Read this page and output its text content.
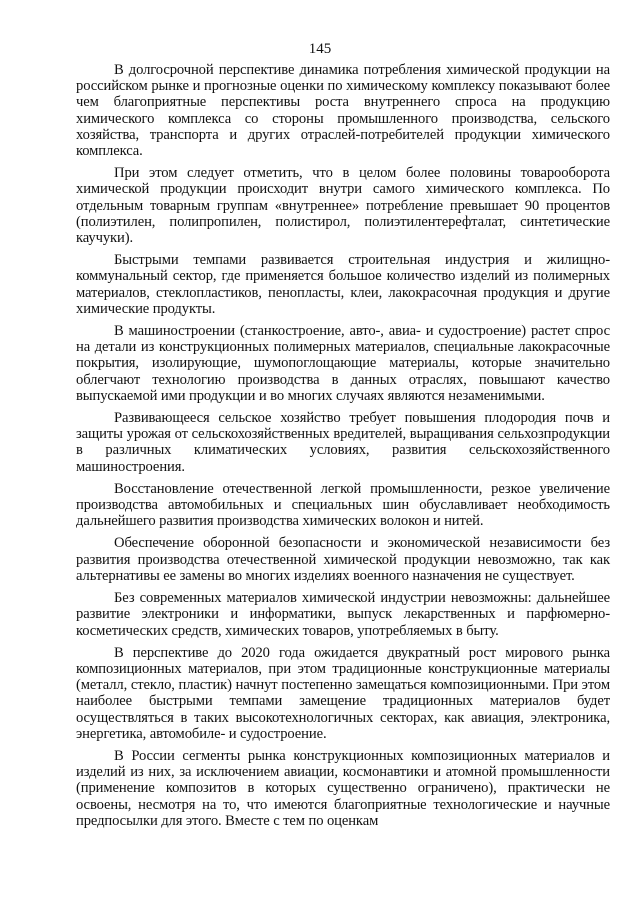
145

В долгосрочной перспективе динамика потребления химической продукции на российском рынке и прогнозные оценки по химическому комплексу показывают более чем благоприятные перспективы роста внутреннего спроса на продукцию химического комплекса со стороны промышленного производства, сельского хозяйства, транспорта и других отраслей-потребителей продукции химического комплекса.

При этом следует отметить, что в целом более половины товарооборота химической продукции происходит внутри самого химического комплекса. По отдельным товарным группам «внутреннее» потребление превышает 90 процентов (полиэтилен, полипропилен, полистирол, полиэтилентерефталат, синтетические каучуки).

Быстрыми темпами развивается строительная индустрия и жилищно-коммунальный сектор, где применяется большое количество изделий из полимерных материалов, стеклопластиков, пенопласты, клеи, лакокрасочная продукция и другие химические продукты.

В машиностроении (станкостроение, авто-, авиа- и судостроение) растет спрос на детали из конструкционных полимерных материалов, специальные лакокрасочные покрытия, изолирующие, шумопоглощающие материалы, которые значительно облегчают технологию производства в данных отраслях, повышают качество выпускаемой ими продукции и во многих случаях являются незаменимыми.

Развивающееся сельское хозяйство требует повышения плодородия почв и защиты урожая от сельскохозяйственных вредителей, выращивания сельхозпродукции в различных климатических условиях, развития сельскохозяйственного машиностроения.

Восстановление отечественной легкой промышленности, резкое увеличение производства автомобильных и специальных шин обуславливает необходимость дальнейшего развития производства химических волокон и нитей.

Обеспечение оборонной безопасности и экономической независимости без развития производства отечественной химической продукции невозможно, так как альтернативы ее замены во многих изделиях военного назначения не существует.

Без современных материалов химической индустрии невозможны: дальнейшее развитие электроники и информатики, выпуск лекарственных и парфюмерно-косметических средств, химических товаров, употребляемых в быту.

В перспективе до 2020 года ожидается двукратный рост мирового рынка композиционных материалов, при этом традиционные конструкционные материалы (металл, стекло, пластик) начнут постепенно замещаться композиционными. При этом наиболее быстрыми темпами замещение традиционных материалов будет осуществляться в таких высокотехнологичных секторах, как авиация, электроника, энергетика, автомобиле- и судостроение.

В России сегменты рынка конструкционных композиционных материалов и изделий из них, за исключением авиации, космонавтики и атомной промышленности (применение композитов в которых существенно ограничено), практически не освоены, несмотря на то, что имеются благоприятные технологические и научные предпосылки для этого. Вместе с тем по оценкам
